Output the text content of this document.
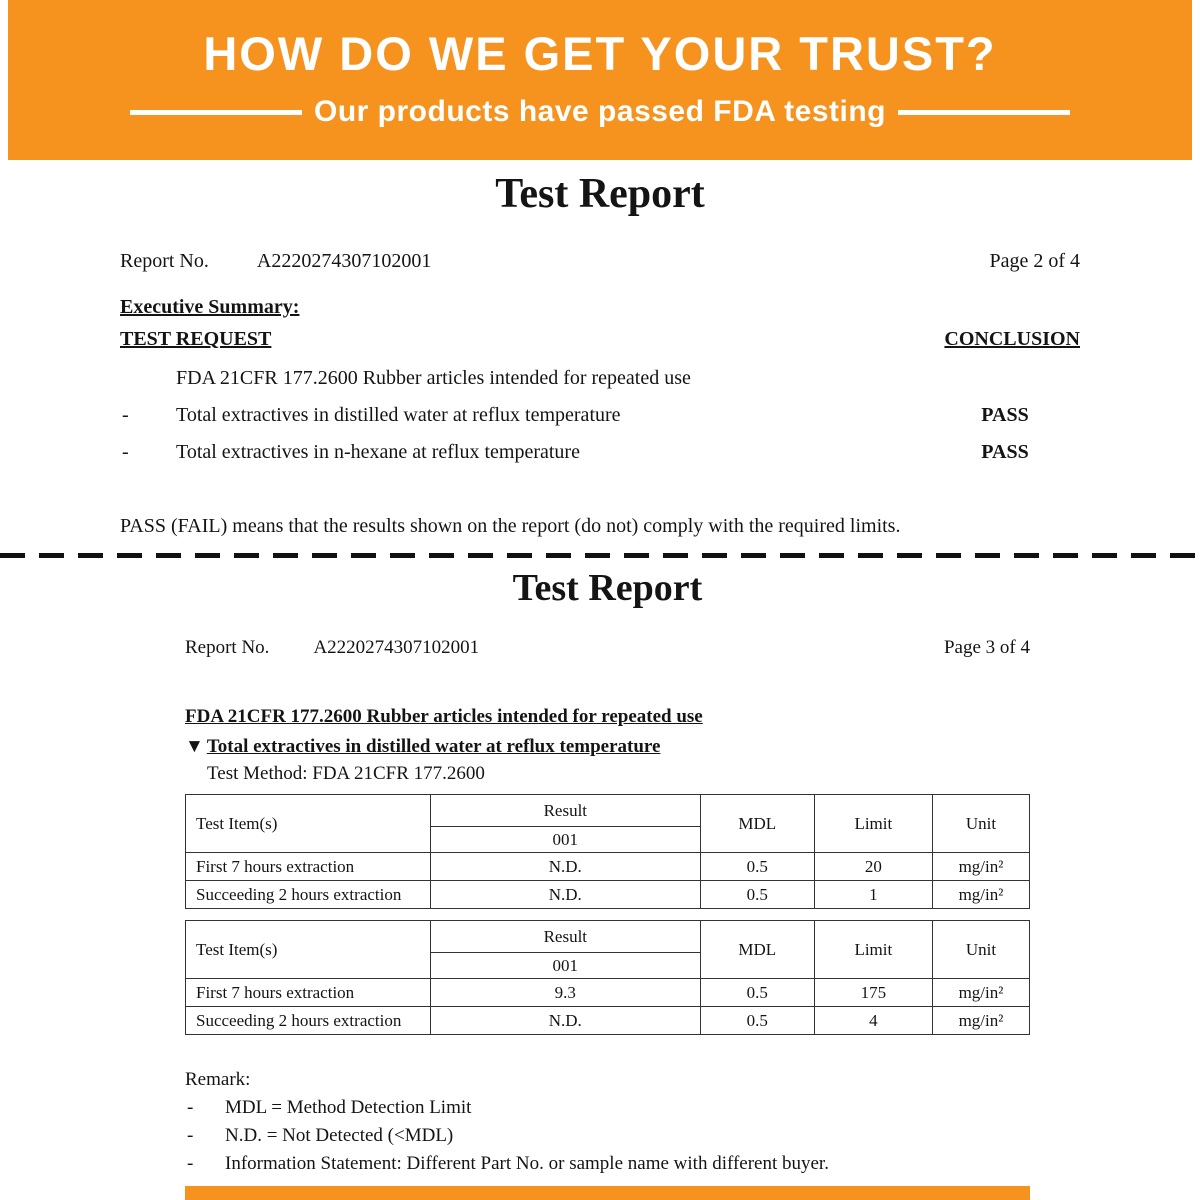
HOW DO WE GET YOUR TRUST?
Our products have passed FDA testing
Test Report
Report No. A2220274307102001	Page 2 of 4
Executive Summary:
TEST REQUEST	CONCLUSION
FDA 21CFR 177.2600 Rubber articles intended for repeated use
-	Total extractives in distilled water at reflux temperature	PASS
-	Total extractives in n-hexane at reflux temperature	PASS

PASS (FAIL) means that the results shown on the report (do not) comply with the required limits.

Test Report
Report No. A2220274307102001	Page 3 of 4
FDA 21CFR 177.2600 Rubber articles intended for repeated use
▼ Total extractives in distilled water at reflux temperature
Test Method: FDA 21CFR 177.2600
Test Item(s)	Result	MDL	Limit	Unit
	001			
First 7 hours extraction	N.D.	0.5	20	mg/in²
Succeeding 2 hours extraction	N.D.	0.5	1	mg/in²
Test Item(s)	Result	MDL	Limit	Unit
	001			
First 7 hours extraction	9.3	0.5	175	mg/in²
Succeeding 2 hours extraction	N.D.	0.5	4	mg/in²
Remark:
-	MDL = Method Detection Limit
-	N.D. = Not Detected (<MDL)
-	Information Statement: Different Part No. or sample name with different buyer.
